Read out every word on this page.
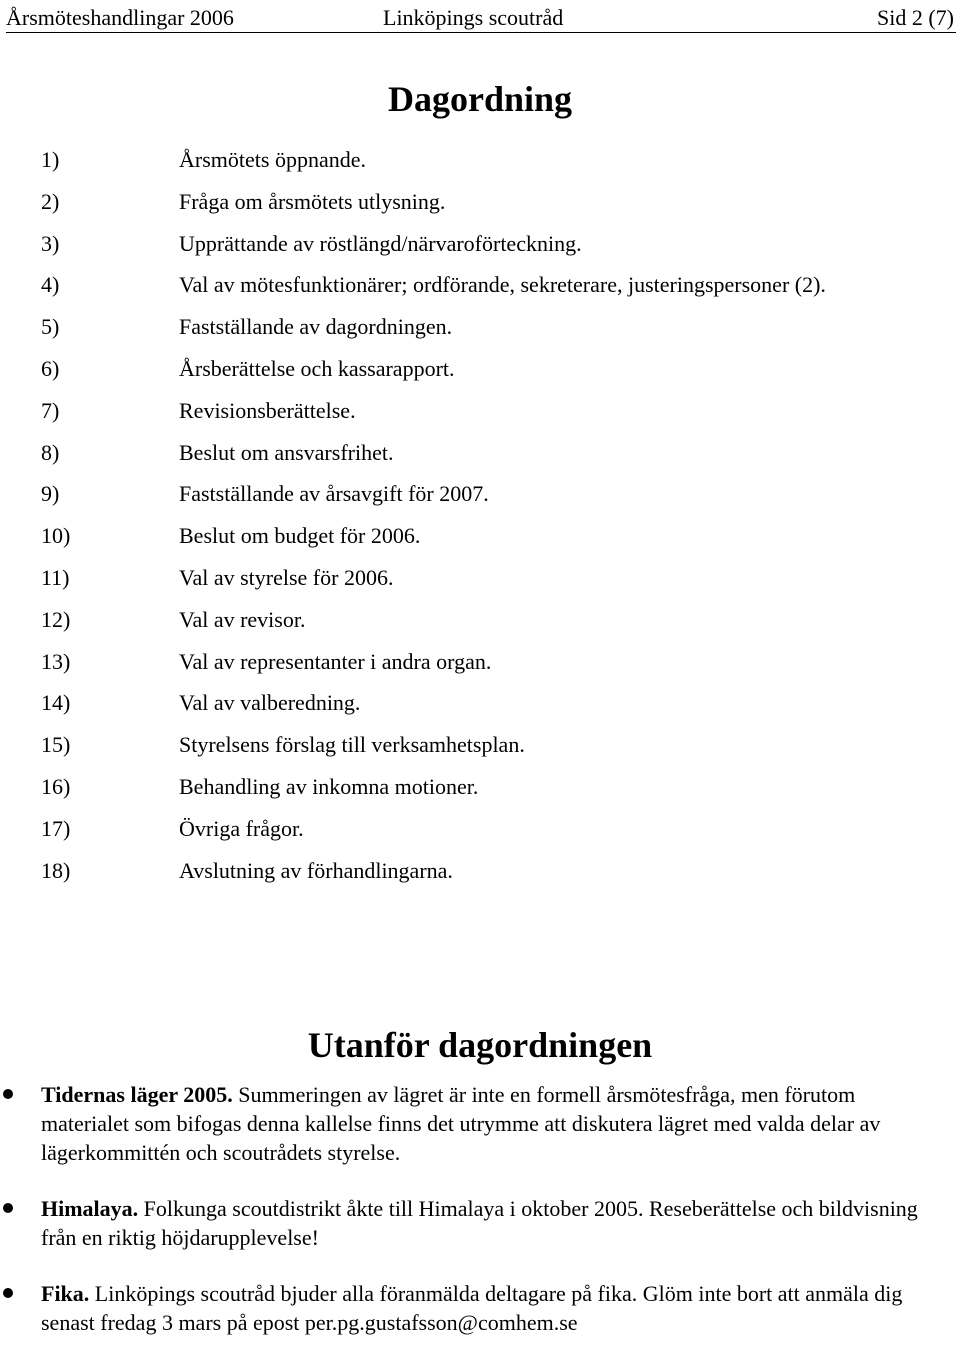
Årsmöteshandlingar 2006	Linköpings scoutråd	Sid 2 (7)
Dagordning
1)	Årsmötets öppnande.
2)	Fråga om årsmötets utlysning.
3)	Upprättande av röstlängd/närvaroförteckning.
4)	Val av mötesfunktionärer; ordförande, sekreterare, justeringspersoner (2).
5)	Fastställande av dagordningen.
6)	Årsberättelse och kassarapport.
7)	Revisionsberättelse.
8)	Beslut om ansvarsfrihet.
9)	Fastställande av årsavgift för 2007.
10)	Beslut om budget för 2006.
11)	Val av styrelse för 2006.
12)	Val av revisor.
13)	Val av representanter i andra organ.
14)	Val av valberedning.
15)	Styrelsens förslag till verksamhetsplan.
16)	Behandling av inkomna motioner.
17)	Övriga frågor.
18)	Avslutning av förhandlingarna.
Utanför dagordningen
Tidernas läger 2005. Summeringen av lägret är inte en formell årsmötesfråga, men förutom materialet som bifogas denna kallelse finns det utrymme att diskutera lägret med valda delar av lägerkommittén och scoutrådets styrelse.
Himalaya. Folkunga scoutdistrikt åkte till Himalaya i oktober 2005. Reseberättelse och bildvisning från en riktig höjdarupplevelse!
Fika. Linköpings scoutråd bjuder alla föranmälda deltagare på fika. Glöm inte bort att anmäla dig senast fredag 3 mars på epost per.pg.gustafsson@comhem.se
